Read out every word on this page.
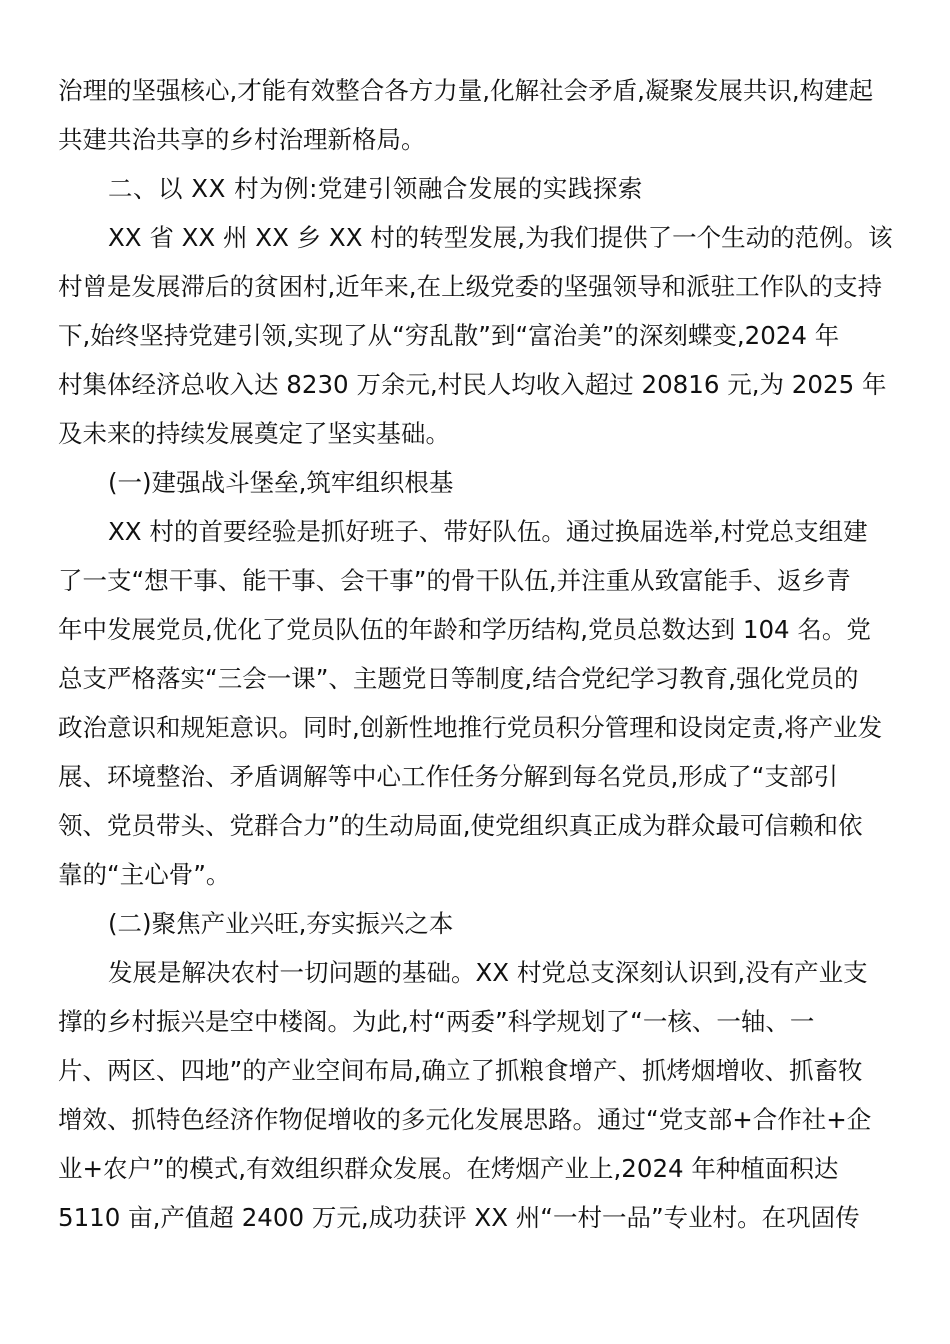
治理的坚强核心,才能有效整合各方力量,化解社会矛盾,凝聚发展共识,构建起
共建共治共享的乡村治理新格局。

二、以 XX 村为例:党建引领融合发展的实践探索

XX 省 XX 州 XX 乡 XX 村的转型发展,为我们提供了一个生动的范例。该
村曾是发展滞后的贫困村,近年来,在上级党委的坚强领导和派驻工作队的支持
下,始终坚持党建引领,实现了从“穷乱散”到“富治美”的深刻蝶变,2024 年
村集体经济总收入达 8230 万余元,村民人均收入超过 20816 元,为 2025 年
及未来的持续发展奠定了坚实基础。

(一)建强战斗堡垒,筑牢组织根基

XX 村的首要经验是抓好班子、带好队伍。通过换届选举,村党总支组建
了一支“想干事、能干事、会干事”的骨干队伍,并注重从致富能手、返乡青
年中发展党员,优化了党员队伍的年龄和学历结构,党员总数达到 104 名。党
总支严格落实“三会一课”、主题党日等制度,结合党纪学习教育,强化党员的
政治意识和规矩意识。同时,创新性地推行党员积分管理和设岗定责,将产业发
展、环境整治、矛盾调解等中心工作任务分解到每名党员,形成了“支部引
领、党员带头、党群合力”的生动局面,使党组织真正成为群众最可信赖和依
靠的“主心骨”。

(二)聚焦产业兴旺,夯实振兴之本

发展是解决农村一切问题的基础。XX 村党总支深刻认识到,没有产业支
撑的乡村振兴是空中楼阁。为此,村“两委”科学规划了“一核、一轴、一
片、两区、四地”的产业空间布局,确立了抓粮食增产、抓烤烟增收、抓畜牧
增效、抓特色经济作物促增收的多元化发展思路。通过“党支部+合作社+企
业+农户”的模式,有效组织群众发展。在烤烟产业上,2024 年种植面积达
5110 亩,产值超 2400 万元,成功获评 XX 州“一村一品”专业村。在巩固传
